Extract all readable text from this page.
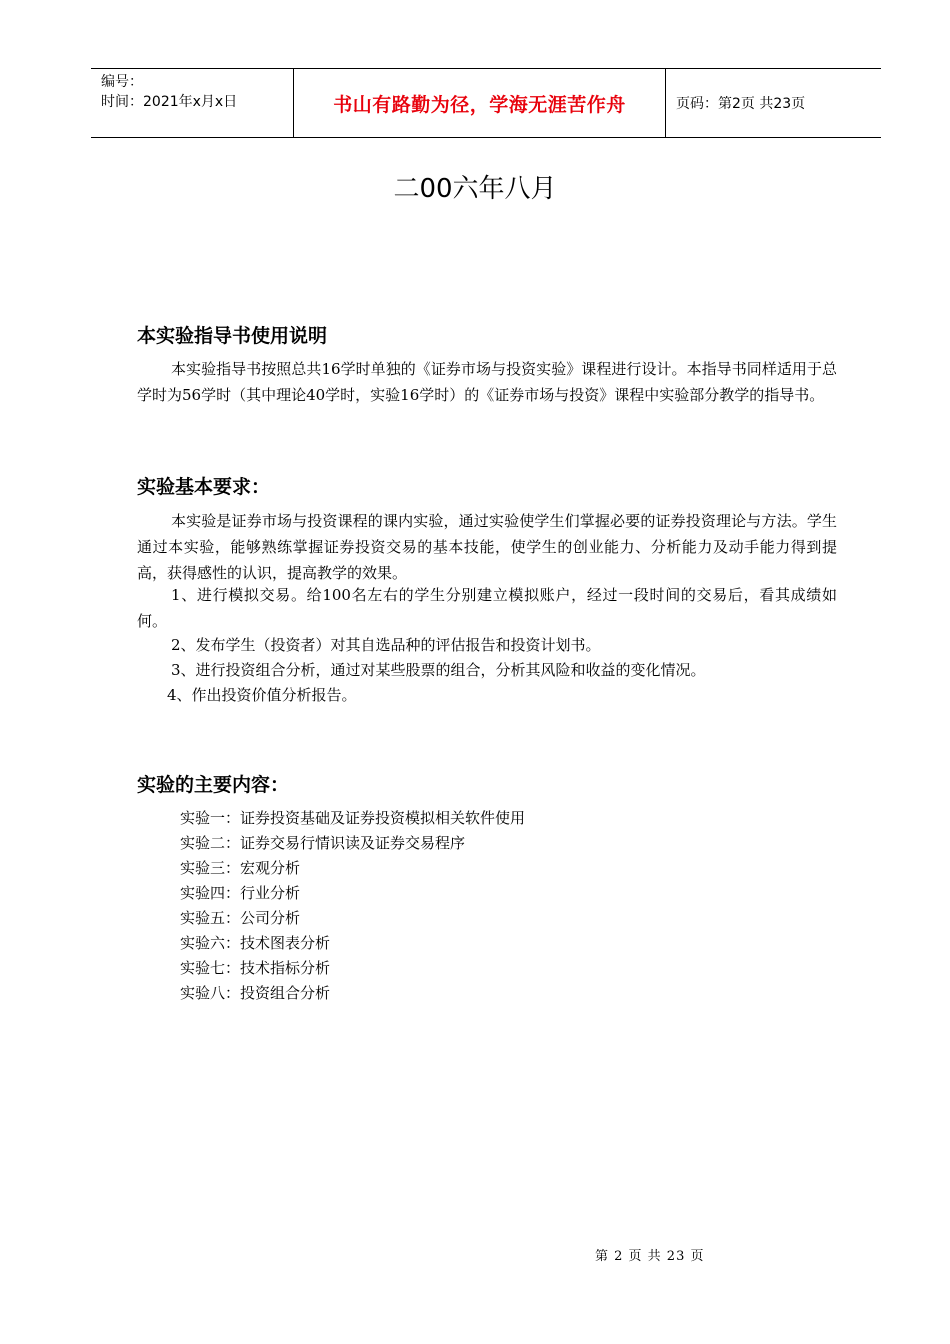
编号：
时间：2021年x月x日	书山有路勤为径，学海无涯苦作舟	页码：第2页 共23页
二00六年八月
本实验指导书使用说明
本实验指导书按照总共16学时单独的《证券市场与投资实验》课程进行设计。本指导书同样适用于总学时为56学时（其中理论40学时，实验16学时）的《证券市场与投资》课程中实验部分教学的指导书。
实验基本要求：
本实验是证券市场与投资课程的课内实验，通过实验使学生们掌握必要的证券投资理论与方法。学生通过本实验，能够熟练掌握证券投资交易的基本技能，使学生的创业能力、分析能力及动手能力得到提高，获得感性的认识，提高教学的效果。
1、进行模拟交易。给100名左右的学生分别建立模拟账户，经过一段时间的交易后，看其成绩如何。
2、发布学生（投资者）对其自选品种的评估报告和投资计划书。
3、进行投资组合分析，通过对某些股票的组合，分析其风险和收益的变化情况。
4、作出投资价值分析报告。
实验的主要内容：
实验一：证券投资基础及证券投资模拟相关软件使用
实验二：证券交易行情识读及证券交易程序
实验三：宏观分析
实验四：行业分析
实验五：公司分析
实验六：技术图表分析
实验七：技术指标分析
实验八：投资组合分析
第 2 页 共 23 页
